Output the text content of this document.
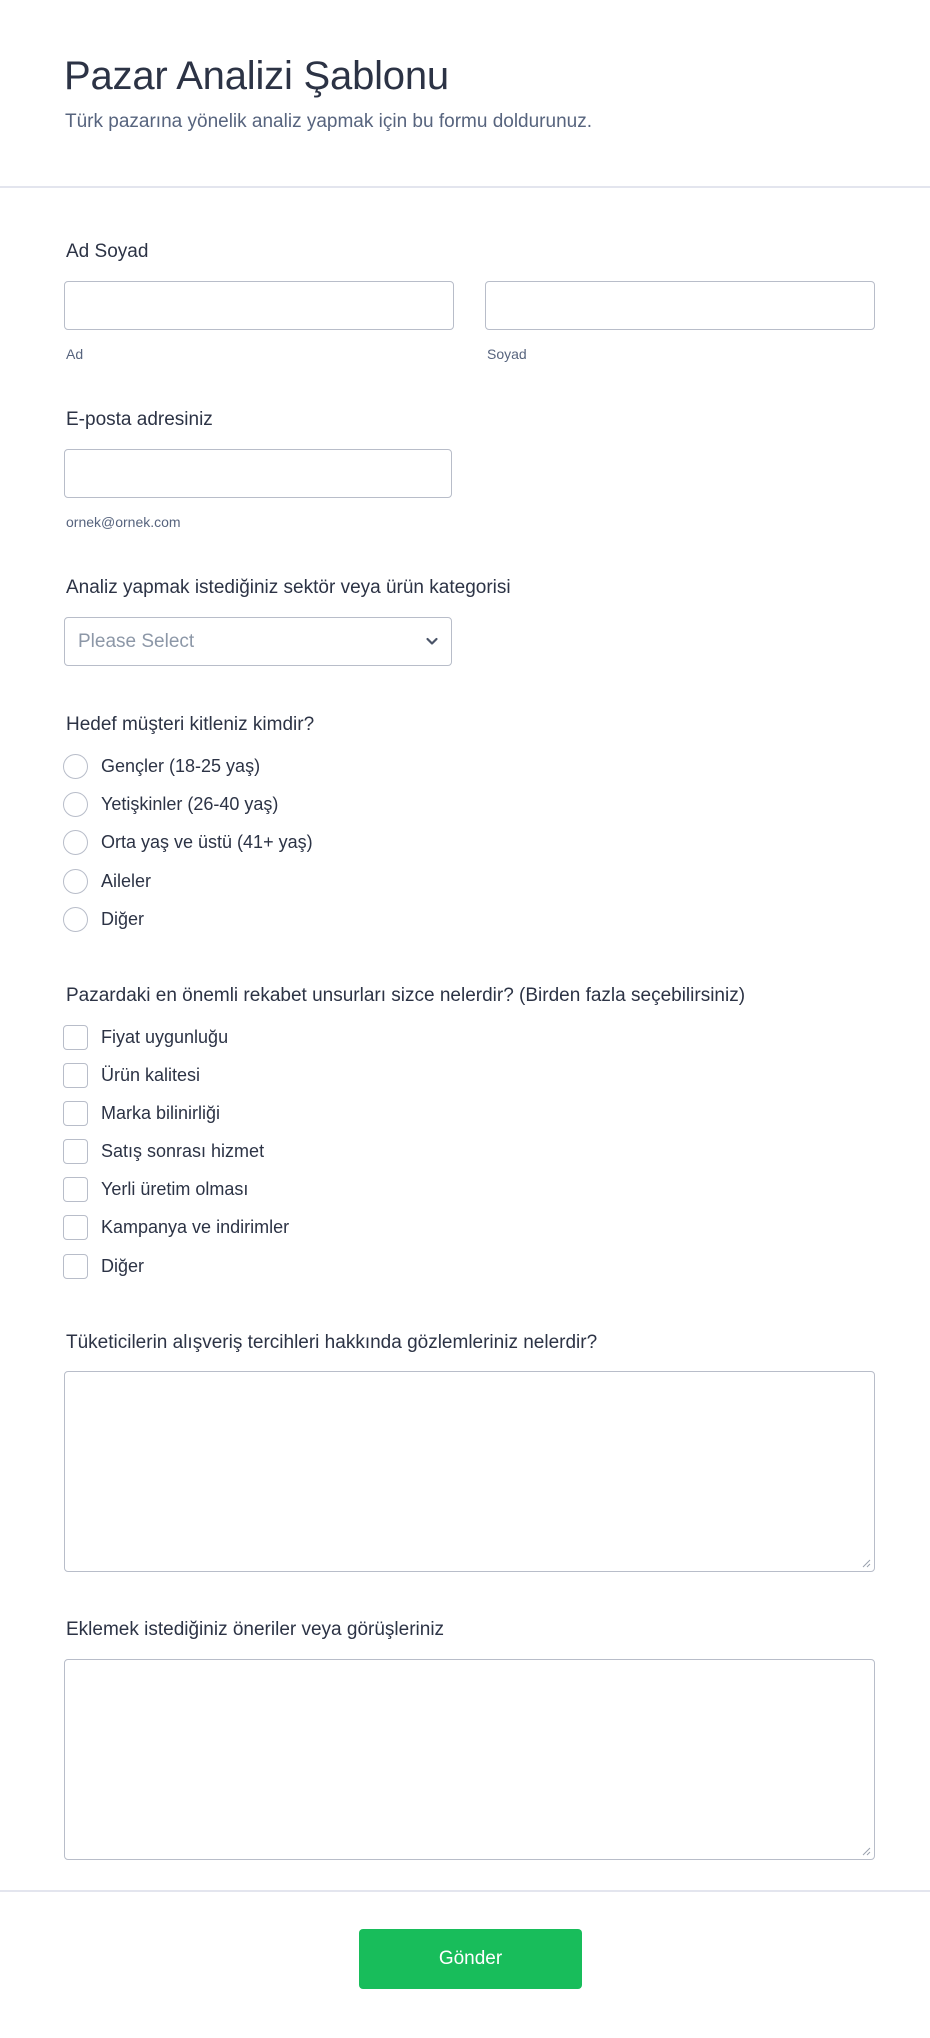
Pazar Analizi Şablonu
Türk pazarına yönelik analiz yapmak için bu formu doldurunuz.
Ad Soyad
Ad	Soyad
E-posta adresiniz
ornek@ornek.com
Analiz yapmak istediğiniz sektör veya ürün kategorisi
Please Select
Hedef müşteri kitleniz kimdir?
Gençler (18-25 yaş)
Yetişkinler (26-40 yaş)
Orta yaş ve üstü (41+ yaş)
Aileler
Diğer
Pazardaki en önemli rekabet unsurları sizce nelerdir? (Birden fazla seçebilirsiniz)
Fiyat uygunluğu
Ürün kalitesi
Marka bilinirliği
Satış sonrası hizmet
Yerli üretim olması
Kampanya ve indirimler
Diğer
Tüketicilerin alışveriş tercihleri hakkında gözlemleriniz nelerdir?
Eklemek istediğiniz öneriler veya görüşleriniz
Gönder
